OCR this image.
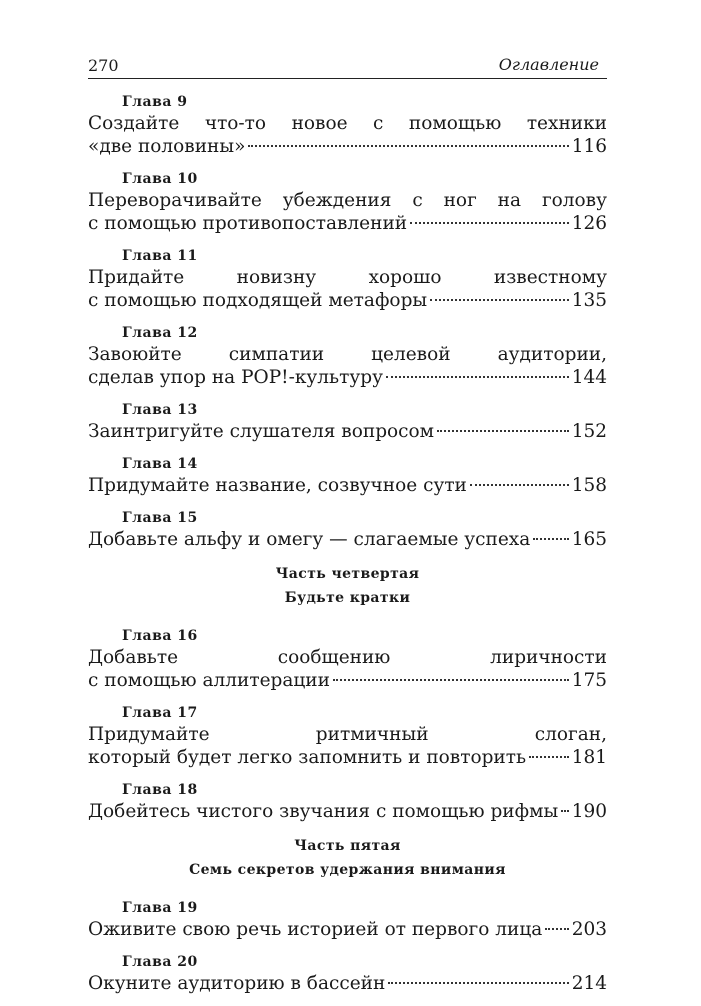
270	Оглавление
Глава 9
Создайте что-то новое с помощью техники
«две половины»	116
Глава 10
Переворачивайте убеждения с ног на голову
с помощью противопоставлений	126
Глава 11
Придайте новизну хорошо известному
с помощью подходящей метафоры	135
Глава 12
Завоюйте симпатии целевой аудитории,
сделав упор на POP!-культуру	144
Глава 13
Заинтригуйте слушателя вопросом	152
Глава 14
Придумайте название, созвучное сути	158
Глава 15
Добавьте альфу и омегу — слагаемые успеха 165
Часть четвертая
Будьте кратки
Глава 16
Добавьте сообщению лиричности
с помощью аллитерации	175
Глава 17
Придумайте ритмичный слоган,
который будет легко запомнить и повторить 181
Глава 18
Добейтесь чистого звучания с помощью рифмы 190
Часть пятая
Семь секретов удержания внимания
Глава 19
Оживите свою речь историей от первого лица 203
Глава 20
Окуните аудиторию в бассейн	214
